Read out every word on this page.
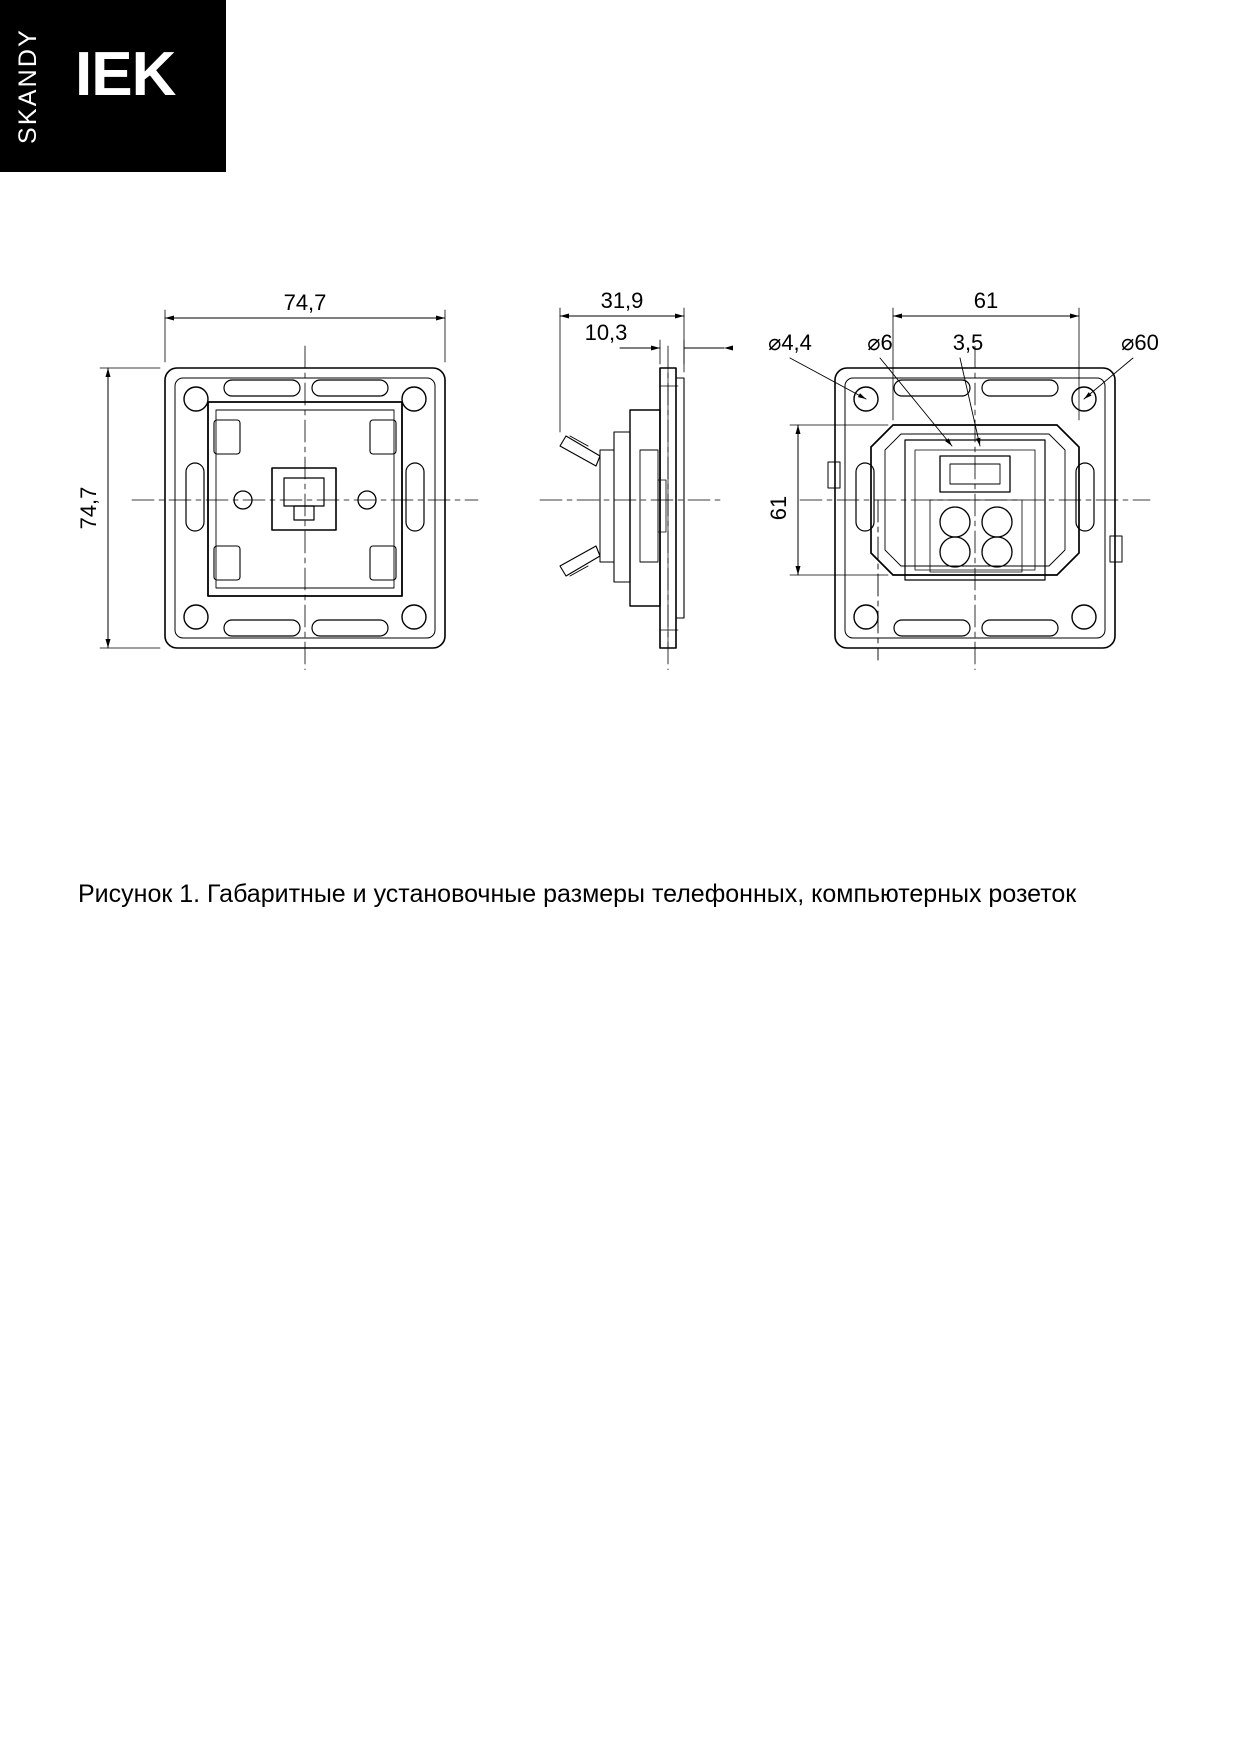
SKANDY IEK
74,7
74,7
31,9
10,3
61
61
⌀4,4	⌀6	3,5	⌀60
Рисунок 1. Габаритные и установочные размеры телефонных, компьютерных розеток
